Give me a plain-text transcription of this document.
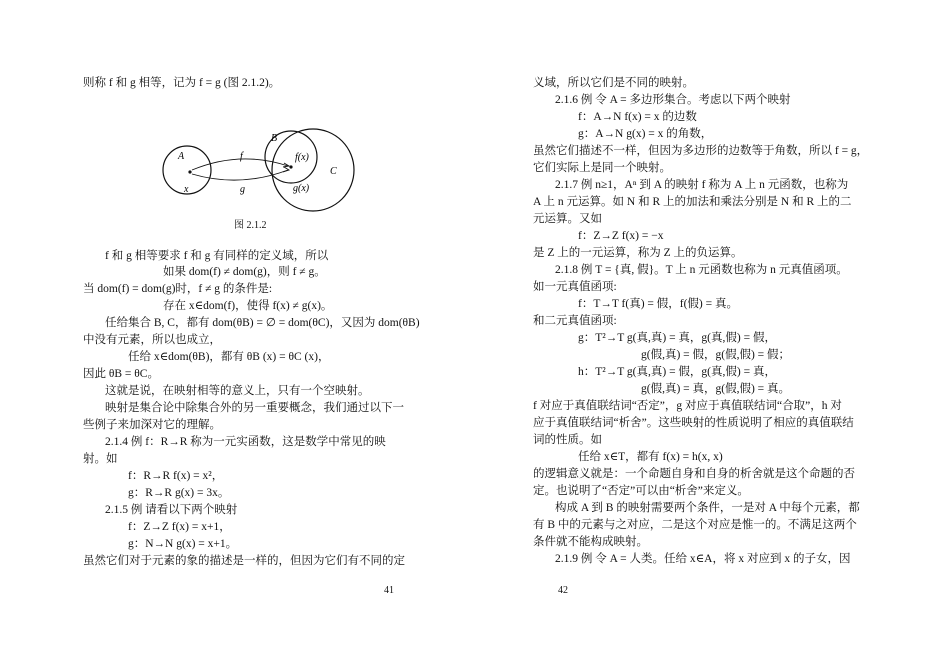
则称 f 和 g 相等，记为 f = g (图 2.1.2)。
A
B
C
f
g
x
f(x)
g(x)
图 2.1.2
f 和 g 相等要求 f 和 g 有同样的定义域，所以
如果 dom(f) ≠ dom(g)，则 f ≠ g。
当 dom(f) = dom(g)时，f ≠ g 的条件是:
存在 x∈dom(f)，使得 f(x) ≠ g(x)。
任给集合 B, C，都有 dom(θB) = ∅ = dom(θC)，又因为 dom(θB)
中没有元素，所以也成立，
任给 x∈dom(θB)，都有 θB (x) = θC (x)，
因此 θB = θC。
这就是说，在映射相等的意义上，只有一个空映射。
映射是集合论中除集合外的另一重要概念，我们通过以下一
些例子来加深对它的理解。
2.1.4 例 f：R→R 称为一元实函数，这是数学中常见的映
射。如
f：R→R f(x) = x²，
g：R→R g(x) = 3x。
2.1.5 例 请看以下两个映射
f：Z→Z f(x) = x+1，
g：N→N g(x) = x+1。
虽然它们对于元素的象的描述是一样的，但因为它们有不同的定
41
义域，所以它们是不同的映射。
2.1.6 例 令 A = 多边形集合。考虑以下两个映射
f：A→N f(x) = x 的边数
g：A→N g(x) = x 的角数，
虽然它们描述不一样，但因为多边形的边数等于角数，所以 f = g，
它们实际上是同一个映射。
2.1.7 例 n≥1，Aⁿ 到 A 的映射 f 称为 A 上 n 元函数，也称为
A 上 n 元运算。如 N 和 R 上的加法和乘法分别是 N 和 R 上的二
元运算。又如
f：Z→Z f(x) = −x
是 Z 上的一元运算，称为 Z 上的负运算。
2.1.8 例 T = {真, 假}。T 上 n 元函数也称为 n 元真值函项。
如一元真值函项:
f：T→T f(真) = 假，f(假) = 真。
和二元真值函项:
g：T²→T g(真,真) = 真，g(真,假) = 假，
g(假,真) = 假，g(假,假) = 假；
h：T²→T g(真,真) = 假，g(真,假) = 真，
g(假,真) = 真，g(假,假) = 真。
f 对应于真值联结词“否定”，g 对应于真值联结词“合取”，h 对
应于真值联结词“析舍”。这些映射的性质说明了相应的真值联结
词的性质。如
任给 x∈T，都有 f(x) = h(x, x)
的逻辑意义就是：一个命题自身和自身的析舍就是这个命题的否
定。也说明了“否定”可以由“析舍”来定义。
构成 A 到 B 的映射需要两个条件，一是对 A 中每个元素，都
有 B 中的元素与之对应，二是这个对应是惟一的。不满足这两个
条件就不能构成映射。
2.1.9 例 令 A = 人类。任给 x∈A，将 x 对应到 x 的子女，因
42
